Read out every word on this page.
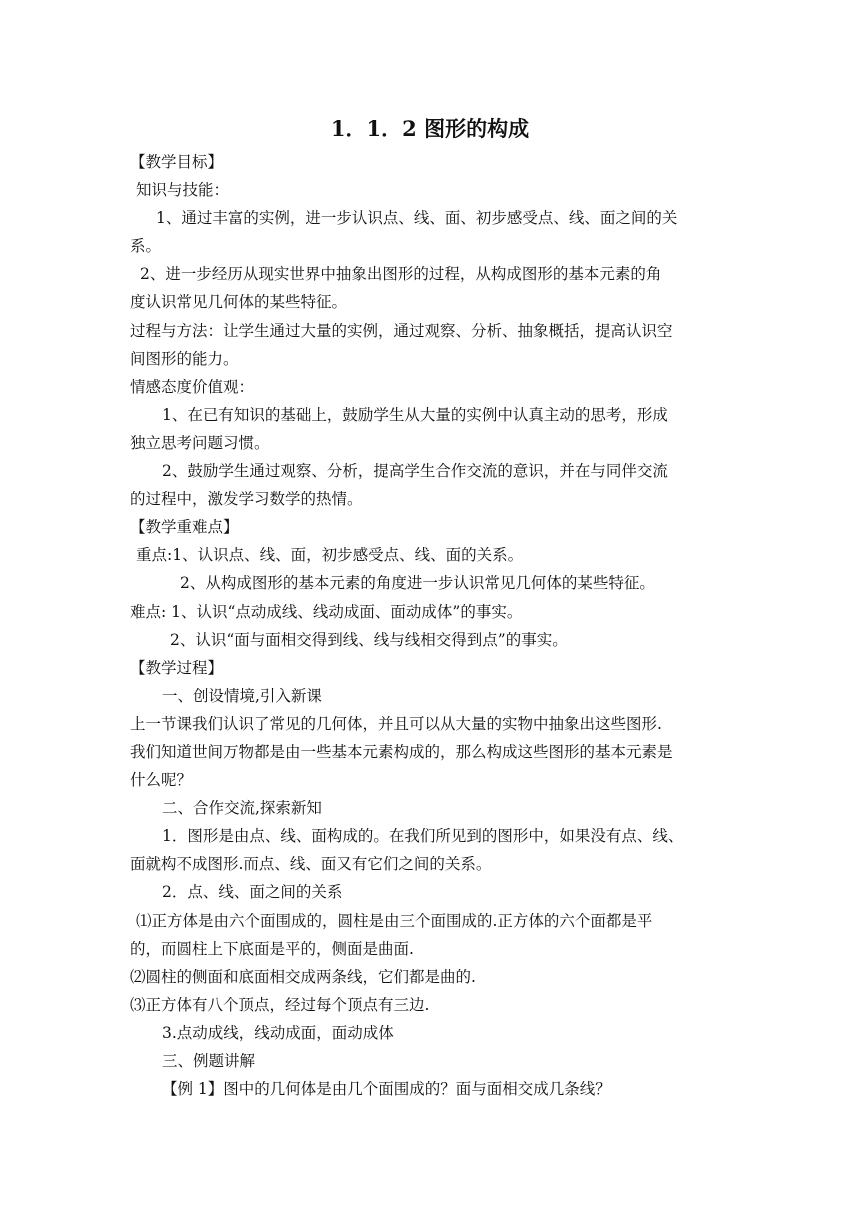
1．1．2 图形的构成
【教学目标】
知识与技能：
1、通过丰富的实例，进一步认识点、线、面、初步感受点、线、面之间的关
系。
2、进一步经历从现实世界中抽象出图形的过程，从构成图形的基本元素的角
度认识常见几何体的某些特征。
过程与方法：让学生通过大量的实例，通过观察、分析、抽象概括，提高认识空
间图形的能力。
情感态度价值观：
1、在已有知识的基础上，鼓励学生从大量的实例中认真主动的思考，形成
独立思考问题习惯。
2、鼓励学生通过观察、分析，提高学生合作交流的意识，并在与同伴交流
的过程中，激发学习数学的热情。
【教学重难点】
重点:1、认识点、线、面，初步感受点、线、面的关系。
2、从构成图形的基本元素的角度进一步认识常见几何体的某些特征。
难点: 1、认识“点动成线、线动成面、面动成体”的事实。
2、认识“面与面相交得到线、线与线相交得到点”的事实。
【教学过程】
一、创设情境,引入新课
上一节课我们认识了常见的几何体，并且可以从大量的实物中抽象出这些图形.
我们知道世间万物都是由一些基本元素构成的，那么构成这些图形的基本元素是
什么呢？
二、合作交流,探索新知
1．图形是由点、线、面构成的。在我们所见到的图形中，如果没有点、线、
面就构不成图形.而点、线、面又有它们之间的关系。
2．点、线、面之间的关系
⑴正方体是由六个面围成的，圆柱是由三个面围成的.正方体的六个面都是平
的，而圆柱上下底面是平的，侧面是曲面.
⑵圆柱的侧面和底面相交成两条线，它们都是曲的.
⑶正方体有八个顶点，经过每个顶点有三边.
3.点动成线，线动成面，面动成体
三、例题讲解
【例 1】图中的几何体是由几个面围成的？面与面相交成几条线？
